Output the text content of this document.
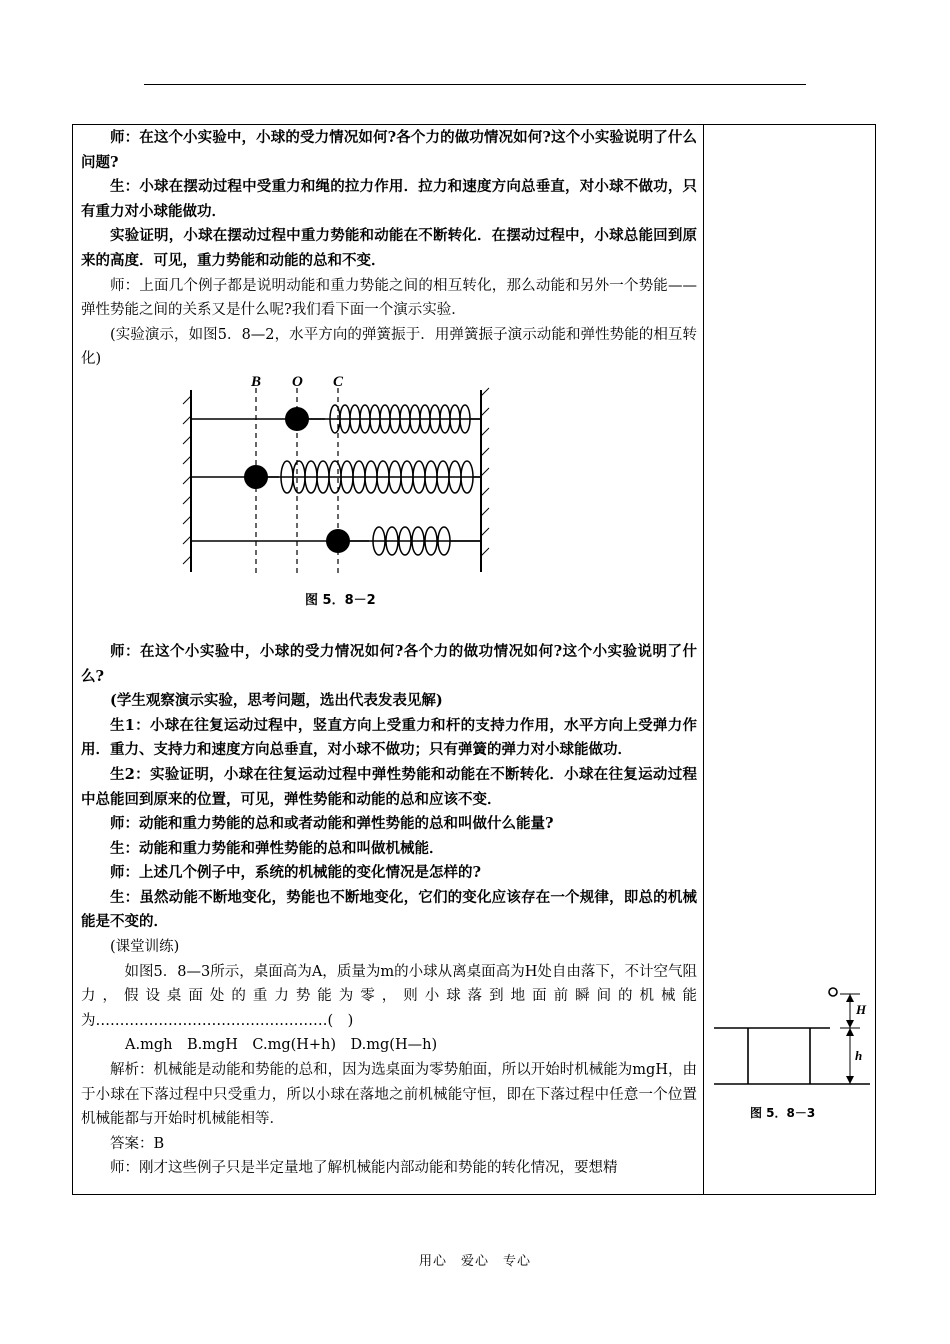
师：在这个小实验中，小球的受力情况如何?各个力的做功情况如何?这个小实验说明了什么问题?

生：小球在摆动过程中受重力和绳的拉力作用．拉力和速度方向总垂直，对小球不做功，只有重力对小球能做功．

实验证明，小球在摆动过程中重力势能和动能在不断转化．在摆动过程中，小球总能回到原来的高度．可见，重力势能和动能的总和不变．

师：上面几个例子都是说明动能和重力势能之间的相互转化，那么动能和另外一个势能——弹性势能之间的关系又是什么呢?我们看下面一个演示实验．

(实验演示，如图5．8—2，水平方向的弹簧振于．用弹簧振子演示动能和弹性势能的相互转化)

B O C
图 5．8－2

师：在这个小实验中，小球的受力情况如何?各个力的做功情况如何?这个小实验说明了什么?

(学生观察演示实验，思考问题，选出代表发表见解)

生1：小球在往复运动过程中，竖直方向上受重力和杆的支持力作用，水平方向上受弹力作用．重力、支持力和速度方向总垂直，对小球不做功；只有弹簧的弹力对小球能做功．

生2：实验证明，小球在往复运动过程中弹性势能和动能在不断转化．小球在往复运动过程中总能回到原来的位置，可见，弹性势能和动能的总和应该不变．

师：动能和重力势能的总和或者动能和弹性势能的总和叫做什么能量?

生：动能和重力势能和弹性势能的总和叫做机械能．

师：上述几个例子中，系统的机械能的变化情况是怎样的?

生：虽然动能不断地变化，势能也不断地变化，它们的变化应该存在一个规律，即总的机械能是不变的．

(课堂训练)

　如图5．8—3所示，桌面高为A，质量为m的小球从离桌面高为H处自由落下，不计空气阻力，假设桌面处的重力势能为零，则小球落到地面前瞬间的机械能为…………………………………………(　)

A.mgh　B.mgH　C.mg(H+h)　D.mg(H—h)

解析：机械能是动能和势能的总和，因为选桌面为零势舶面，所以开始时机械能为mgH，由于小球在下落过程中只受重力，所以小球在落地之前机械能守恒，即在下落过程中任意一个位置机械能都与开始时机械能相等．

答案：B

师：刚才这些例子只是半定量地了解机械能内部动能和势能的转化情况，要想精

H
h
图 5．8－3
用心　爱心　专心
